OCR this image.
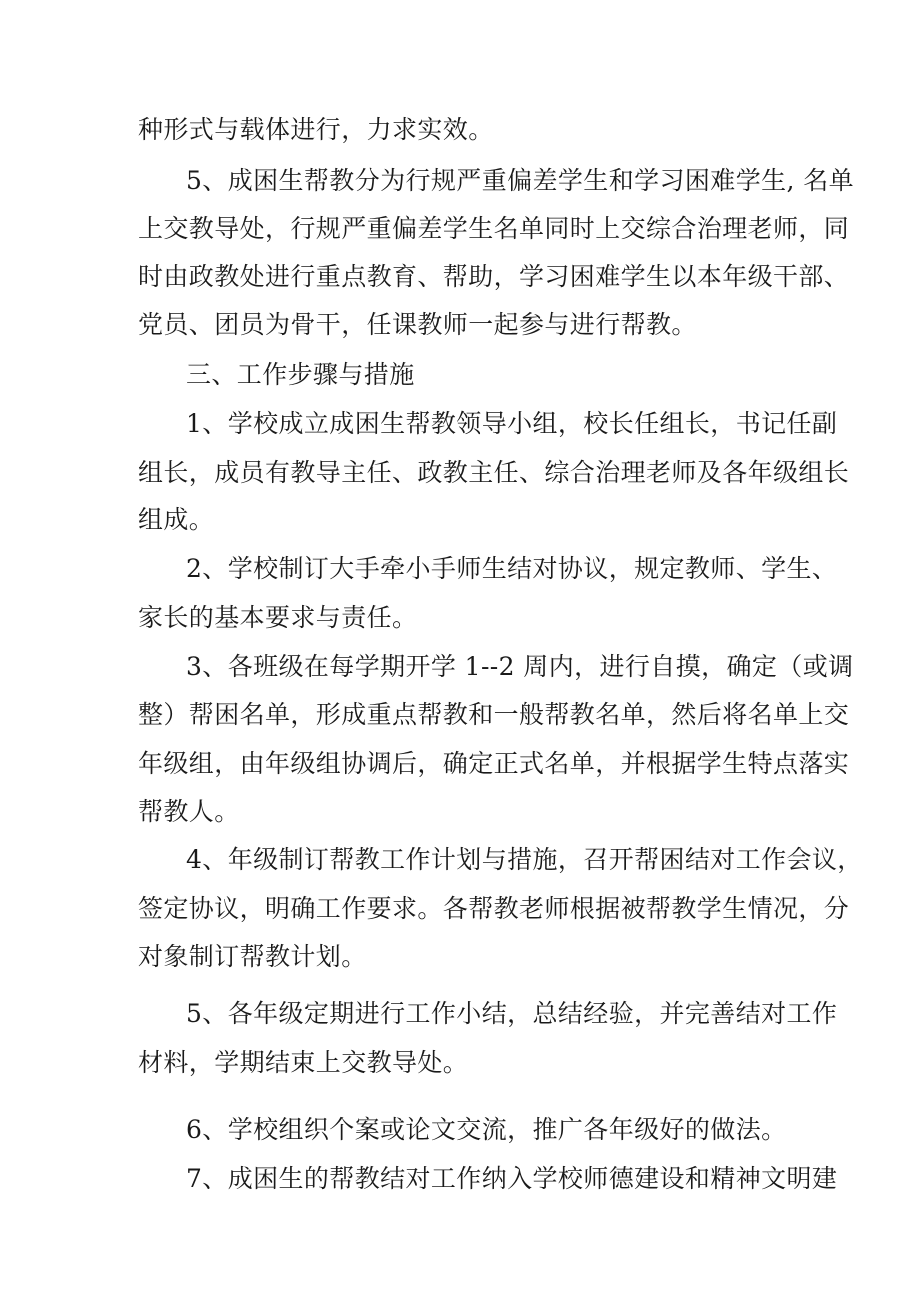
种形式与载体进行，力求实效。
5、成困生帮教分为行规严重偏差学生和学习困难学生, 名单
上交教导处，行规严重偏差学生名单同时上交综合治理老师，同
时由政教处进行重点教育、帮助，学习困难学生以本年级干部、
党员、团员为骨干，任课教师一起参与进行帮教。
三、工作步骤与措施
1、学校成立成困生帮教领导小组，校长任组长，书记任副
组长，成员有教导主任、政教主任、综合治理老师及各年级组长
组成。
2、学校制订大手牵小手师生结对协议，规定教师、学生、
家长的基本要求与责任。
3、各班级在每学期开学 1--2 周内，进行自摸，确定（或调
整）帮困名单，形成重点帮教和一般帮教名单，然后将名单上交
年级组，由年级组协调后，确定正式名单，并根据学生特点落实
帮教人。
4、年级制订帮教工作计划与措施，召开帮困结对工作会议，
签定协议，明确工作要求。各帮教老师根据被帮教学生情况，分
对象制订帮教计划。
5、各年级定期进行工作小结，总结经验，并完善结对工作
材料，学期结束上交教导处。
6、学校组织个案或论文交流，推广各年级好的做法。
7、成困生的帮教结对工作纳入学校师德建设和精神文明建
